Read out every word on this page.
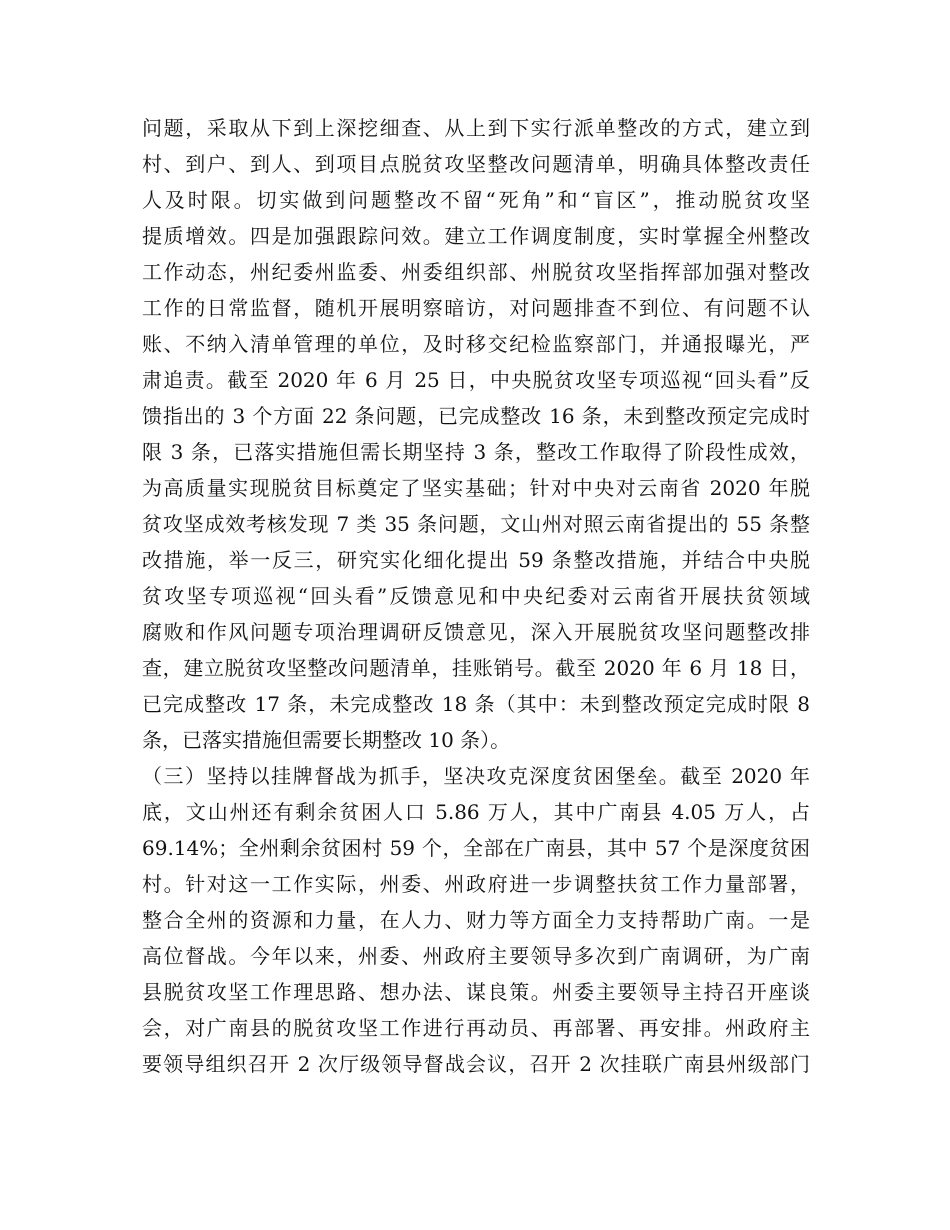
问题，采取从下到上深挖细查、从上到下实行派单整改的方式，建立到
村、到户、到人、到项目点脱贫攻坚整改问题清单，明确具体整改责任
人及时限。切实做到问题整改不留“死角”和“盲区”，推动脱贫攻坚
提质增效。四是加强跟踪问效。建立工作调度制度，实时掌握全州整改
工作动态，州纪委州监委、州委组织部、州脱贫攻坚指挥部加强对整改
工作的日常监督，随机开展明察暗访，对问题排查不到位、有问题不认
账、不纳入清单管理的单位，及时移交纪检监察部门，并通报曝光，严
肃追责。截至 2020 年 6 月 25 日，中央脱贫攻坚专项巡视“回头看”反
馈指出的 3 个方面 22 条问题，已完成整改 16 条，未到整改预定完成时
限 3 条，已落实措施但需长期坚持 3 条，整改工作取得了阶段性成效，
为高质量实现脱贫目标奠定了坚实基础；针对中央对云南省 2020 年脱
贫攻坚成效考核发现 7 类 35 条问题，文山州对照云南省提出的 55 条整
改措施，举一反三，研究实化细化提出 59 条整改措施，并结合中央脱
贫攻坚专项巡视“回头看”反馈意见和中央纪委对云南省开展扶贫领域
腐败和作风问题专项治理调研反馈意见，深入开展脱贫攻坚问题整改排
查，建立脱贫攻坚整改问题清单，挂账销号。截至 2020 年 6 月 18 日，
已完成整改 17 条，未完成整改 18 条（其中：未到整改预定完成时限 8
条，已落实措施但需要长期整改 10 条）。
（三）坚持以挂牌督战为抓手，坚决攻克深度贫困堡垒。截至 2020 年
底，文山州还有剩余贫困人口 5.86 万人，其中广南县 4.05 万人，占
69.14%；全州剩余贫困村 59 个，全部在广南县，其中 57 个是深度贫困
村。针对这一工作实际，州委、州政府进一步调整扶贫工作力量部署，
整合全州的资源和力量，在人力、财力等方面全力支持帮助广南。一是
高位督战。今年以来，州委、州政府主要领导多次到广南调研，为广南
县脱贫攻坚工作理思路、想办法、谋良策。州委主要领导主持召开座谈
会，对广南县的脱贫攻坚工作进行再动员、再部署、再安排。州政府主
要领导组织召开 2 次厅级领导督战会议，召开 2 次挂联广南县州级部门
